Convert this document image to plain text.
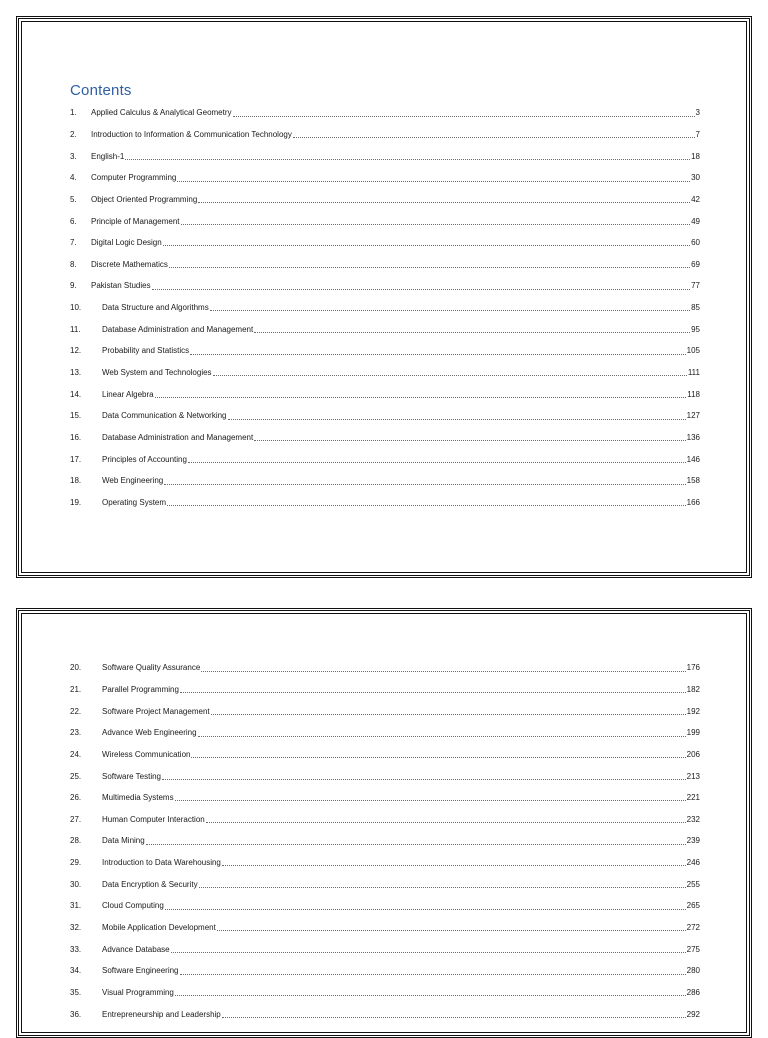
Contents
1.	Applied Calculus & Analytical Geometry	3
2.	Introduction to Information & Communication Technology	7
3.	English-1	18
4.	Computer Programming	30
5.	Object Oriented Programming	42
6.	Principle of Management	49
7.	Digital Logic Design	60
8.	Discrete Mathematics	69
9.	Pakistan Studies	77
10.	Data Structure and Algorithms	85
11.	Database Administration and Management	95
12.	Probability and Statistics	105
13.	Web System and Technologies	111
14.	Linear Algebra	118
15.	Data Communication & Networking	127
16.	Database Administration and Management	136
17.	Principles of Accounting	146
18.	Web Engineering	158
19.	Operating System	166
20.	Software Quality Assurance	176
21.	Parallel Programming	182
22.	Software Project Management	192
23.	Advance Web Engineering	199
24.	Wireless Communication	206
25.	Software Testing	213
26.	Multimedia Systems	221
27.	Human Computer Interaction	232
28.	Data Mining	239
29.	Introduction to Data Warehousing	246
30.	Data Encryption & Security	255
31.	Cloud Computing	265
32.	Mobile Application Development	272
33.	Advance Database	275
34.	Software Engineering	280
35.	Visual Programming	286
36.	Entrepreneurship and Leadership	292
